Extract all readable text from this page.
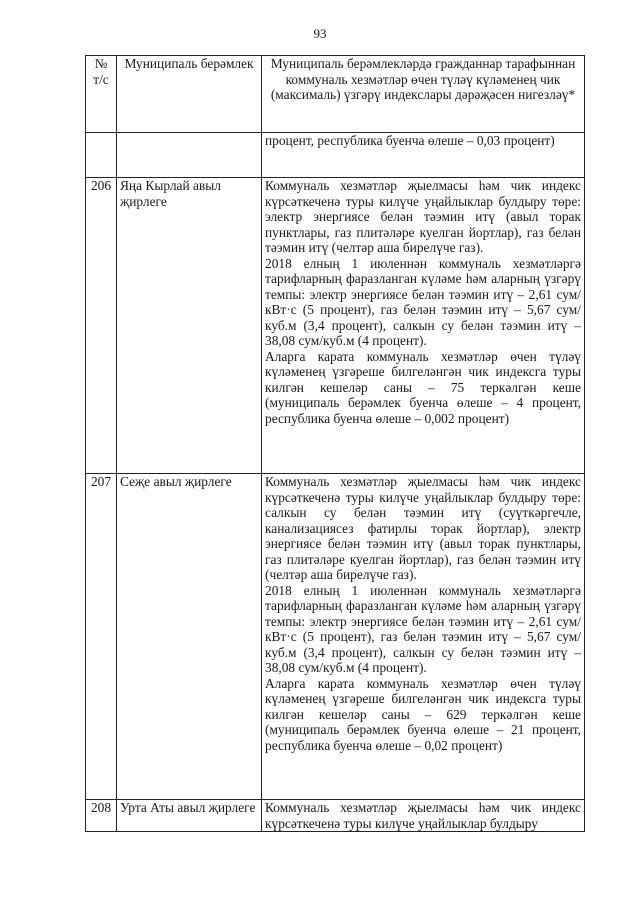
93
№ т/с	Муниципаль берәмлек	Муниципаль берәмлекләрдә гражданнар тарафыннан коммуналь хезмәтләр өчен түләү күләменең чик (максималь) үзгәрү индекслары дәрәҗәсен нигезләү*
		процент, республика буенча өлеше – 0,03 процент)
206	Яңа Кырлай авыл җирлеге	Коммуналь хезмәтләр җыелмасы һәм чик индекс күрсәткеченә туры килүче уңайлыклар булдыру төре: электр энергиясе белән тәэмин итү (авыл торак пунктлары, газ плитәләре куелган йортлар), газ белән тәэмин итү (челтәр аша бирелүче газ).
2018 елның 1 июленнән коммуналь хезмәтләргә тарифларның фаразланган күләме һәм аларның үзгәрү темпы: электр энергиясе белән тәэмин итү – 2,61 сум/кВт·с (5 процент), газ белән тәэмин итү – 5,67 сум/куб.м (3,4 процент), салкын су белән тәэмин итү – 38,08 сум/куб.м (4 процент).
Аларга карата коммуналь хезмәтләр өчен түләү күләменең үзгәреше билгеләнгән чик индексга туры килгән кешеләр саны – 75 теркәлгән кеше (муниципаль берәмлек буенча өлеше – 4 процент, республика буенча өлеше – 0,002 процент)

207	Сеҗе авыл җирлеге	Коммуналь хезмәтләр җыелмасы һәм чик индекс күрсәткеченә туры килүче уңайлыклар булдыру төре: салкын су белән тәэмин итү (суүткәргечле, канализациясез фатирлы торак йортлар), электр энергиясе белән тәэмин итү (авыл торак пунктлары, газ плитәләре куелган йортлар), газ белән тәэмин итү (челтәр аша бирелүче газ).
2018 елның 1 июленнән коммуналь хезмәтләргә тарифларның фаразланган күләме һәм аларның үзгәрү темпы: электр энергиясе белән тәэмин итү – 2,61 сум/кВт·с (5 процент), газ белән тәэмин итү – 5,67 сум/куб.м (3,4 процент), салкын су белән тәэмин итү – 38,08 сум/куб.м (4 процент).
Аларга карата коммуналь хезмәтләр өчен түләү күләменең үзгәреше билгеләнгән чик индексга туры килгән кешеләр саны – 629 теркәлгән кеше (муниципаль берәмлек буенча өлеше – 21 процент, республика буенча өлеше – 0,02 процент)

208	Урта Аты авыл җирлеге	Коммуналь хезмәтләр җыелмасы һәм чик индекс күрсәткеченә туры килүче уңайлыклар булдыру
